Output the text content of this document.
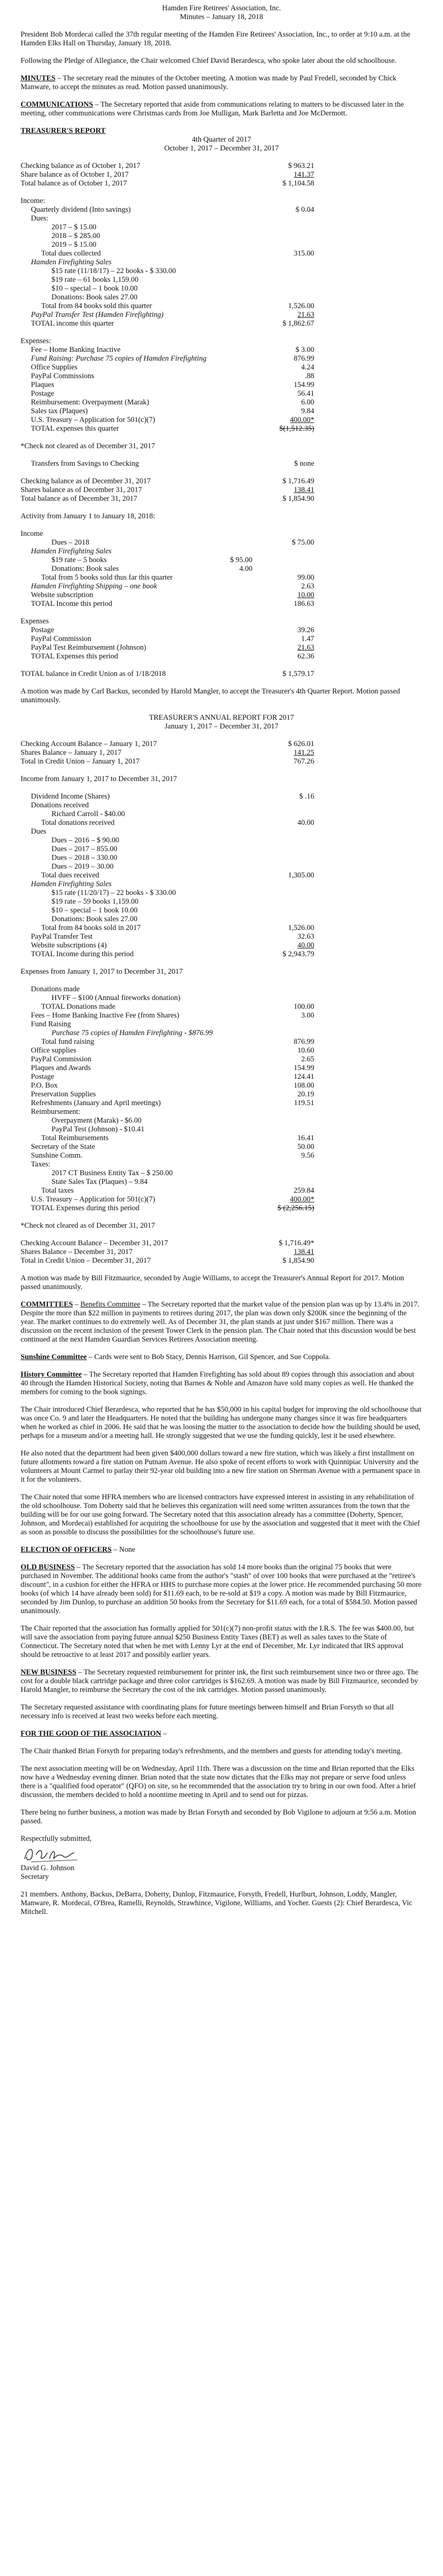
Hamden Fire Retirees' Association, Inc.
Minutes – January 18, 2018

President Bob Mordecai called the 37th regular meeting of the Hamden Fire Retirees' Association, Inc., to order at 9:10 a.m. at the Hamden Elks Hall on Thursday, January 18, 2018.

Following the Pledge of Allegiance, the Chair welcomed Chief David Berardesca, who spoke later about the old schoolhouse.

MINUTES – The secretary read the minutes of the October meeting. A motion was made by Paul Fredell, seconded by Chick Manware, to accept the minutes as read. Motion passed unanimously.

COMMUNICATIONS – The Secretary reported that aside from communications relating to matters to be discussed later in the meeting, other communications were Christmas cards from Joe Mulligan, Mark Barletta and Joe McDermott.

TREASURER'S REPORT
4th Quarter of 2017
October 1, 2017 – December 31, 2017
Checking balance as of October 1, 2017	$ 963.21
Share balance as of October 1, 2017	141.37
Total balance as of October 1, 2017	$ 1,104.58
Income:
Quarterly dividend (Into savings)	$ 0.04
Dues:
2017 – $ 15.00
2018 – $ 285.00
2019 – $ 15.00
Total dues collected	315.00
Hamden Firefighting Sales
$15 rate (11/18/17) – 22 books - $ 330.00
$19 rate – 61 books 1,159.00
$10 – special – 1 book 10.00
Donations: Book sales 27.00
Total from 84 books sold this quarter	1,526.00
PayPal Transfer Test (Hamden Firefighting)	21.63
TOTAL income this quarter	$ 1,862.67
Expenses:
Fee – Home Banking Inactive	$ 3.00
Fund Raising: Purchase 75 copies of Hamden Firefighting	876.99
Office Supplies	4.24
PayPal Commissions	.88
Plaques	154.99
Postage	56.41
Reimbursement: Overpayment (Marak)	6.00
Sales tax (Plaques)	9.84
U.S. Treasury – Application for 501(c)(7)	400.00*
TOTAL expenses this quarter	$(1,512.35)
*Check not cleared as of December 31, 2017
Transfers from Savings to Checking	$ none
Checking balance as of December 31, 2017	$ 1,716.49
Shares balance as of December 31, 2017	138.41
Total balance as of December 31, 2017	$ 1,854.90
Activity from January 1 to January 18, 2018:
Income
Dues – 2018	$ 75.00
Hamden Firefighting Sales
$19 rate – 5 books	$ 95.00
Donations: Book sales	4.00
Total from 5 books sold thus far this quarter	99.00
Hamden Firefighting Shipping – one book	2.63
Website subscription	10.00
TOTAL Income this period	186.63
Expenses
Postage	39.26
PayPal Commission	1.47
PayPal Test Reimbursement (Johnson)	21.63
TOTAL Expenses this period	62.36
TOTAL balance in Credit Union as of 1/18/2018	$ 1,579.17

A motion was made by Carl Backus, seconded by Harold Mangler, to accept the Treasurer's 4th Quarter Report. Motion passed unanimously.

TREASURER'S ANNUAL REPORT FOR 2017
January 1, 2017 – December 31, 2017
Checking Account Balance – January 1, 2017	$ 626.01
Shares Balance – January 1, 2017	141.25
Total in Credit Union – January 1, 2017	767.26
Income from January 1, 2017 to December 31, 2017
Dividend Income (Shares)	$ .16
Donations received
Richard Carroll - $40.00
Total donations received	40.00
Dues
Dues – 2016 – $ 90.00
Dues – 2017 – 855.00
Dues – 2018 – 330.00
Dues – 2019 – 30.00
Total dues received	1,305.00
Hamden Firefighting Sales
$15 rate (11/20/17) – 22 books - $ 330.00
$19 rate – 59 books 1,159.00
$10 – special – 1 book 10.00
Donations: Book sales 27.00
Total from 84 books sold in 2017	1,526.00
PayPal Transfer Test	32.63
Website subscriptions (4)	40.00
TOTAL Income during this period	$ 2,943.79
Expenses from January 1, 2017 to December 31, 2017
Donations made
HVFF – $100 (Annual fireworks donation)
TOTAL Donations made	100.00
Fees – Home Banking Inactive Fee (from Shares)	3.00
Fund Raising
Purchase 75 copies of Hamden Firefighting - $876.99
Total fund raising	876.99
Office supplies	10.60
PayPal Commission	2.65
Plaques and Awards	154.99
Postage	124.41
P.O. Box	108.00
Preservation Supplies	20.19
Refreshments (January and April meetings)	119.51
Reimbursement:
Overpayment (Marak) - $6.00
PayPal Test (Johnson) - $10.41
Total Reimbursements	16.41
Secretary of the State	50.00
Sunshine Comm.	9.56
Taxes:
2017 CT Business Entity Tax – $ 250.00
State Sales Tax (Plaques) – 9.84
Total taxes	259.84
U.S. Treasury – Application for 501(c)(7)	400.00*
TOTAL Expenses during this period	$ (2,256.15)
*Check not cleared as of December 31, 2017
Checking Account Balance – December 31, 2017	$ 1,716.49*
Shares Balance – December 31, 2017	138.41
Total in Credit Union – December 31, 2017	$ 1,854.90

A motion was made by Bill Fitzmaurice, seconded by Augie Williams, to accept the Treasurer's Annual Report for 2017. Motion passed unanimously.

COMMITTEES – Benefits Committee – The Secretary reported that the market value of the pension plan was up by 13.4% in 2017. Despite the more than $22 million in payments to retirees during 2017, the plan was down only $200K since the beginning of the year. The market continues to do extremely well. As of December 31, the plan stands at just under $167 million. There was a discussion on the recent inclusion of the present Tower Clerk in the pension plan. The Chair noted that this discussion would be best continued at the next Hamden Guardian Services Retirees Association meeting.

Sunshine Committee – Cards were sent to Bob Stacy, Dennis Harrison, Gil Spencer, and Sue Coppola.

History Committee – The Secretary reported that Hamden Firefighting has sold about 89 copies through this association and about 40 through the Hamden Historical Society, noting that Barnes & Noble and Amazon have sold many copies as well. He thanked the members for coming to the book signings.

The Chair introduced Chief Berardesca, who reported that he has $50,000 in his capital budget for improving the old schoolhouse that was once Co. 9 and later the Headquarters. He noted that the building has undergone many changes since it was fire headquarters when he worked as chief in 2006. He said that he was loosing the matter to the association to decide how the building should be used, perhaps for a museum and/or a meeting hall. He strongly suggested that we use the funding quickly, lest it be used elsewhere.

He also noted that the department had been given $400,000 dollars toward a new fire station, which was likely a first installment on future allotments toward a fire station on Putnam Avenue. He also spoke of recent efforts to work with Quinnipiac University and the volunteers at Mount Carmel to parlay their 92-year old building into a new fire station on Sherman Avenue with a permanent space in it for the volunteers.

The Chair noted that some HFRA members who are licensed contractors have expressed interest in assisting in any rehabilitation of the old schoolhouse. Tom Doherty said that he believes this organization will need some written assurances from the town that the building will be for our use going forward. The Secretary noted that this association already has a committee (Doherty, Spencer, Johnson, and Mordecai) established for acquiring the schoolhouse for use by the association and suggested that it meet with the Chief as soon as possible to discuss the possibilities for the schoolhouse's future use.

ELECTION OF OFFICERS – None

OLD BUSINESS – The Secretary reported that the association has sold 14 more books than the original 75 books that were purchased in November. The additional books came from the author's "stash" of over 100 books that were purchased at the "retiree's discount", in a cushion for either the HFRA or HHS to purchase more copies at the lower price. He recommended purchasing 50 more books (of which 14 have already been sold) for $11.69 each, to be re-sold at $19 a copy. A motion was made by Bill Fitzmaurice, seconded by Jim Dunlop, to purchase an addition 50 books from the Secretary for $11.69 each, for a total of $584.50. Motion passed unanimously.

The Chair reported that the association has formally applied for 501(c)(7) non-profit status with the I.R.S. The fee was $400.00, but will save the association from paying future annual $250 Business Entity Taxes (BET) as well as sales taxes to the State of Connecticut. The Secretary noted that when he met with Lenny Lyr at the end of December, Mr. Lyr indicated that IRS approval should be retroactive to at least 2017 and possibly earlier years.

NEW BUSINESS – The Secretary requested reimbursement for printer ink, the first such reimbursement since two or three ago. The cost for a double black cartridge package and three color cartridges is $162.69. A motion was made by Bill Fitzmaurice, seconded by Harold Mangler, to reimburse the Secretary the cost of the ink cartridges. Motion passed unanimously.

The Secretary requested assistance with coordinating plans for future meetings between himself and Brian Forsyth so that all necessary info is received at least two weeks before each meeting.

FOR THE GOOD OF THE ASSOCIATION –

The Chair thanked Brian Forsyth for preparing today's refreshments, and the members and guests for attending today's meeting.

The next association meeting will be on Wednesday, April 11th. There was a discussion on the time and Brian reported that the Elks now have a Wednesday evening dinner. Brian noted that the state now dictates that the Elks may not prepare or serve food unless there is a "qualified food operator" (QFO) on site, so he recommended that the association try to bring in our own food. After a brief discussion, the members decided to hold a noontime meeting in April and to send out for pizzas.

There being no further business, a motion was made by Brian Forsyth and seconded by Bob Vigilone to adjourn at 9:56 a.m. Motion passed.

Respectfully submitted,
David G. Johnson
Secretary

21 members. Anthony, Backus, DeBarra, Doherty, Dunlop, Fitzmaurice, Forsyth, Fredell, Hurlburt, Johnson, Loddy, Mangler, Manware, R. Mordecai, O'Brea, Ramelli, Reynolds, Strawhince, Vigilone, Williams, and Yocher. Guests (2): Chief Berardesca, Vic Mitchell.
